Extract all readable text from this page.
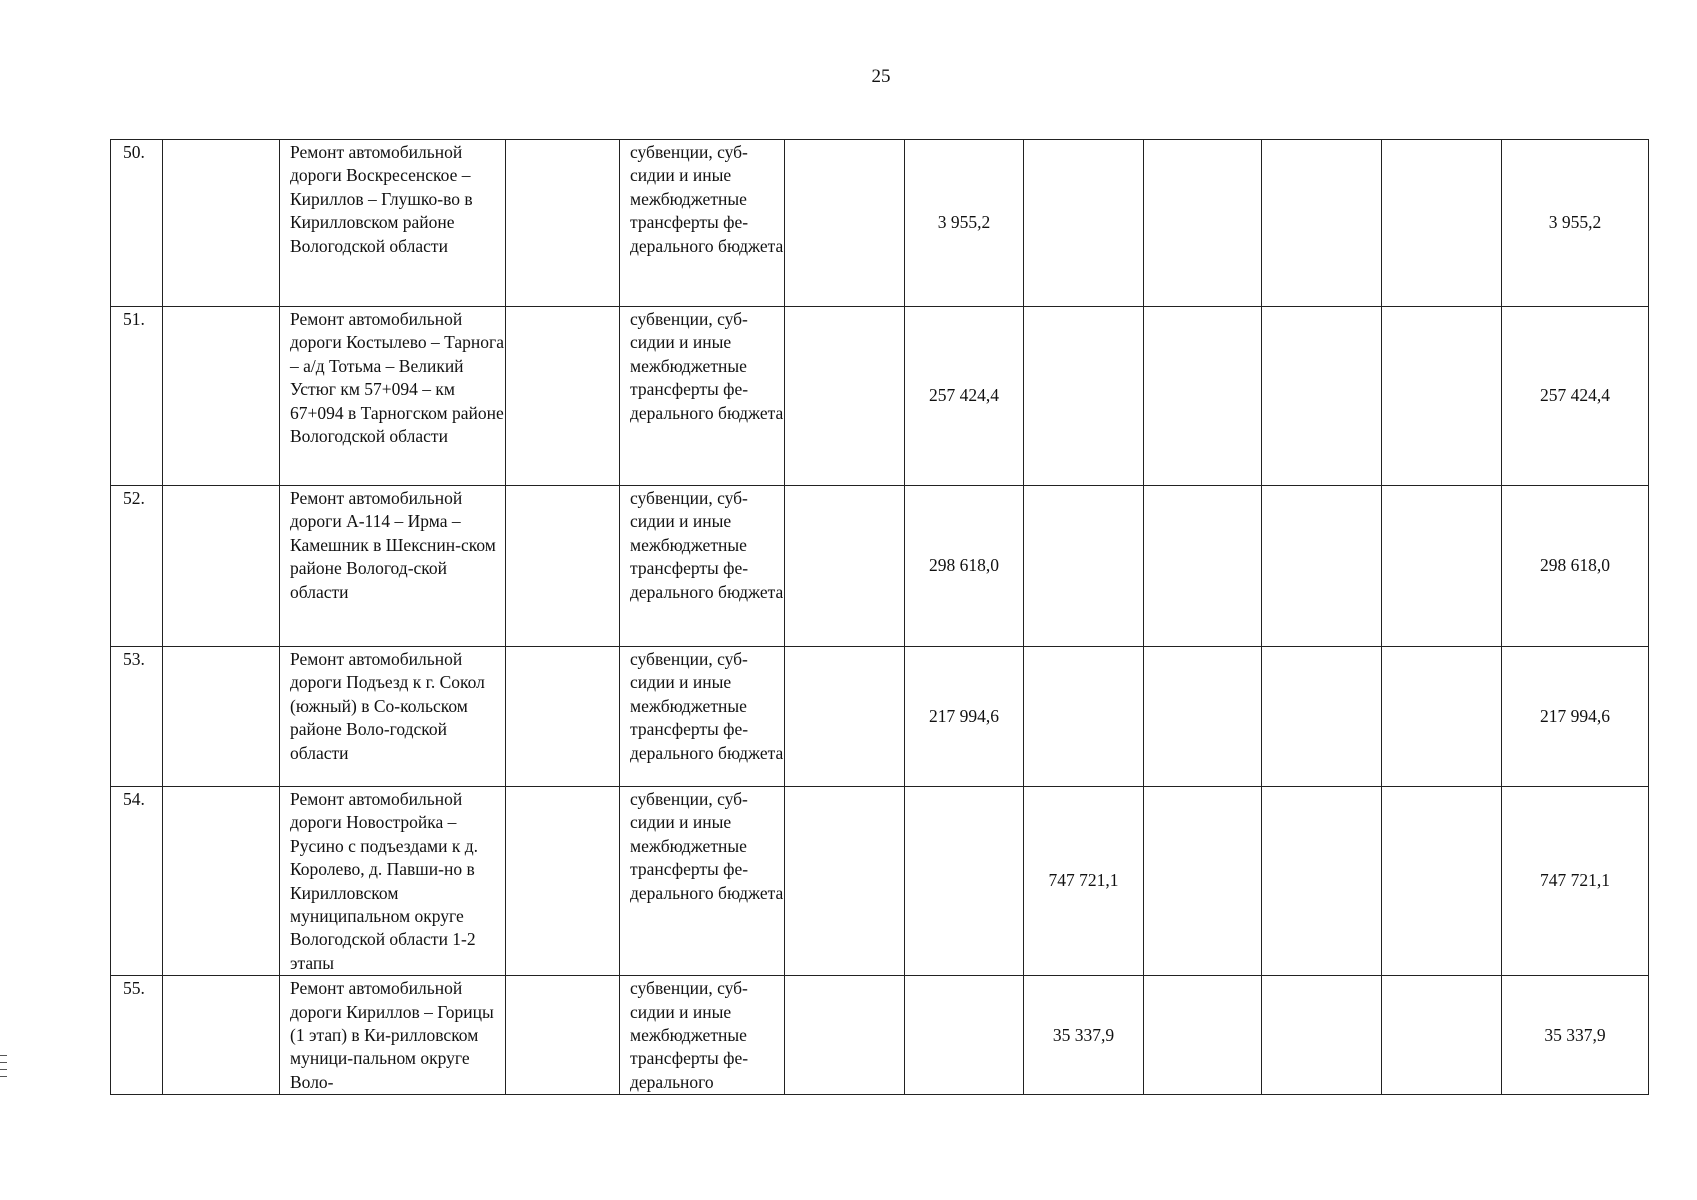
25
50.		Ремонт автомобильной дороги Воскресенское – Кириллов – Глушко-во в Кирилловском районе Вологодской области		субвенции, суб-сидии и иные межбюджетные трансферты фе-дерального бюджета		3 955,2					3 955,2
51.		Ремонт автомобильной дороги Костылево – Тарнога – а/д Тотьма – Великий Устюг км 57+094 – км 67+094 в Тарногском районе Вологодской области		субвенции, суб-сидии и иные межбюджетные трансферты фе-дерального бюджета		257 424,4					257 424,4
52.		Ремонт автомобильной дороги А-114 – Ирма – Камешник в Шекснин-ском районе Вологод-ской области		субвенции, суб-сидии и иные межбюджетные трансферты фе-дерального бюджета		298 618,0					298 618,0
53.		Ремонт автомобильной дороги Подъезд к г. Сокол (южный) в Со-кольском районе Воло-годской области		субвенции, суб-сидии и иные межбюджетные трансферты фе-дерального бюджета		217 994,6					217 994,6
54.		Ремонт автомобильной дороги Новостройка – Русино с подъездами к д. Королево, д. Павши-но в Кирилловском муниципальном округе Вологодской области 1-2 этапы		субвенции, суб-сидии и иные межбюджетные трансферты фе-дерального бюджета			747 721,1				747 721,1
55.		Ремонт автомобильной дороги Кириллов – Горицы (1 этап) в Ки-рилловском муници-пальном округе Воло-		субвенции, суб-сидии и иные межбюджетные трансферты фе-дерального			35 337,9				35 337,9
